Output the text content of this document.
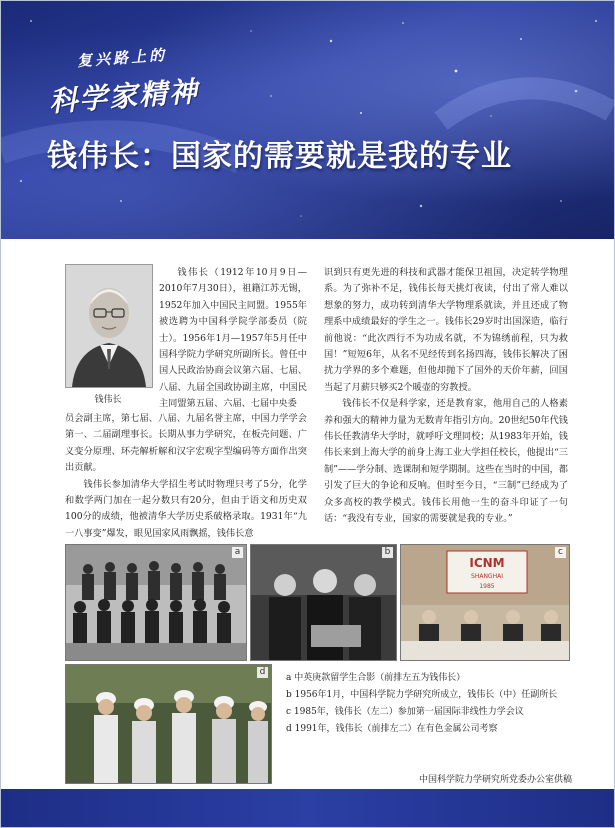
复兴路上的
科学家精神
钱伟长：国家的需要就是我的专业
钱伟长

钱伟长（1912年10月9日—2010年7月30日），祖籍江苏无锡，1952年加入中国民主同盟。1955年被选聘为中国科学院学部委员（院士）。1956年1月—1957年5月任中国科学院力学研究所副所长。曾任中国人民政治协商会议第六届、七届、八届、九届全国政协副主席，中国民主同盟第五届、六届、七届中央委

员会副主席，第七届、八届、九届名誉主席，中国力学学会第一、二届副理事长。长期从事力学研究，在板壳问题、广义变分原理、环壳解析解和汉字宏观字型编码等方面作出突出贡献。

钱伟长参加清华大学招生考试时物理只考了5分，化学和数学两门加在一起分数只有20分，但由于语文和历史双100分的成绩，他被清华大学历史系破格录取。1931年“九一八事变”爆发，眼见国家风雨飘摇，钱伟长意

识到只有更先进的科技和武器才能保卫祖国，决定转学物理系。为了弥补不足，钱伟长每天挑灯夜读，付出了常人难以想象的努力，成功转到清华大学物理系就读，并且还成了物理系中成绩最好的学生之一。钱伟长29岁时出国深造，临行前他说：“此次西行不为功成名就，不为锦绣前程，只为救国！”短短6年，从名不见经传到名扬四海，钱伟长解决了困扰力学界的多个难题，但他却抛下了国外的天价年薪，回国当起了月薪只够买2个暖壶的穷教授。

钱伟长不仅是科学家，还是教育家，他用自己的人格素养和强大的精神力量为无数青年指引方向。20世纪50年代钱伟长任教清华大学时，就呼吁文理同校；从1983年开始，钱伟长来到上海大学的前身上海工业大学担任校长，他提出“三制”——学分制、选课制和短学期制。这些在当时的中国，都引发了巨大的争论和反响。但时至今日，“三制”已经成为了众多高校的教学模式。钱伟长用他一生的奋斗印证了一句话：“我没有专业，国家的需要就是我的专业。”

a	b
ICNM
SHANGHAI
1985
c
d
a 中英庚款留学生合影（前排左五为钱伟长）
b 1956年1月，中国科学院力学研究所成立，钱伟长（中）任副所长
c 1985年，钱伟长（左二）参加第一届国际非线性力学会议
d 1991年，钱伟长（前排左二）在有色金属公司考察
中国科学院力学研究所党委办公室供稿
